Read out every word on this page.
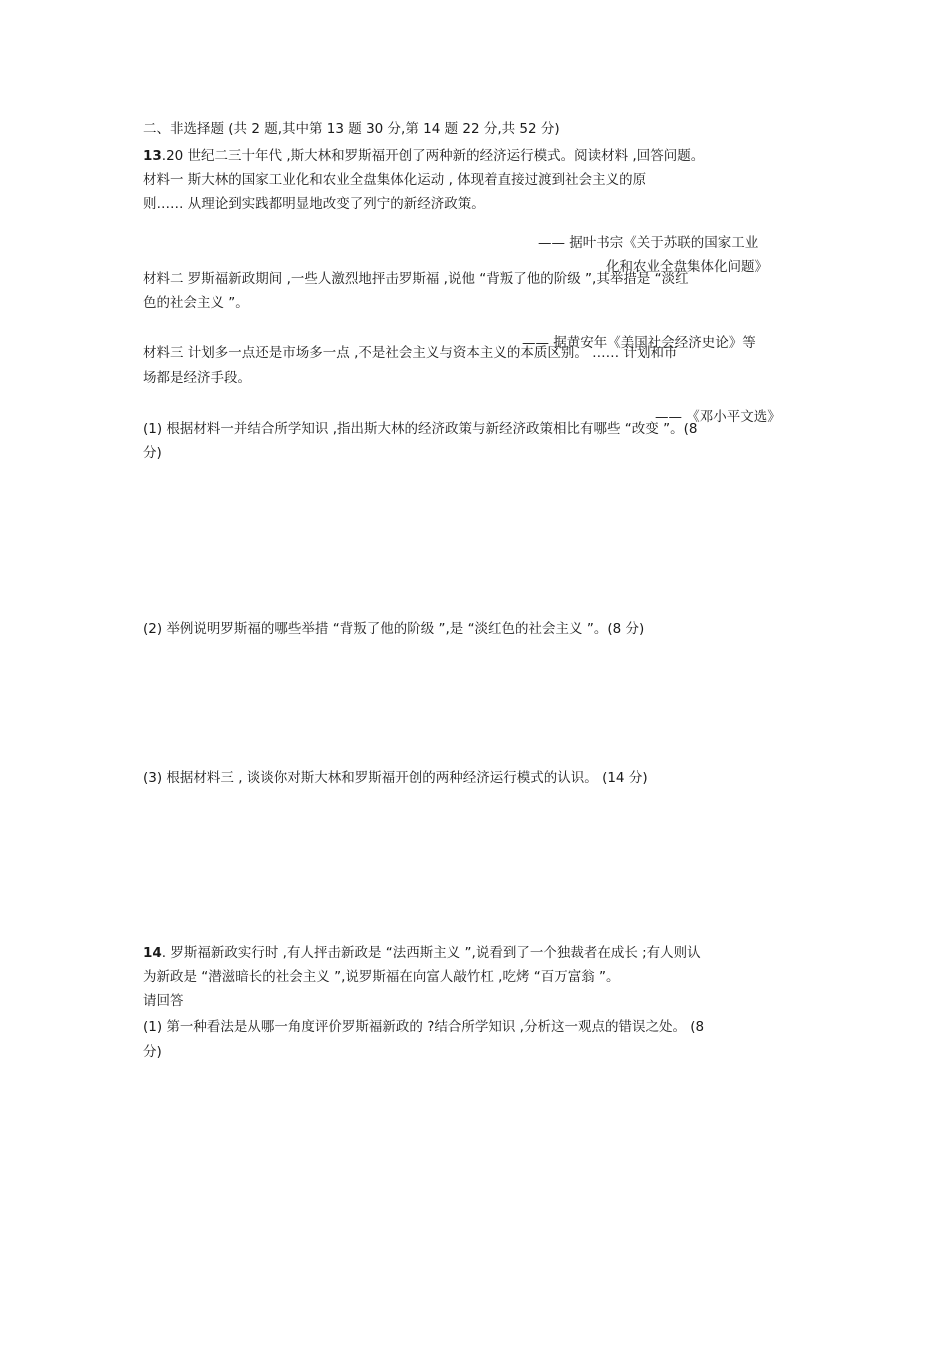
二、非选择题 (共 2 题,其中第 13 题 30 分,第 14 题 22 分,共 52 分)

13.20 世纪二三十年代 ,斯大林和罗斯福开创了两种新的经济运行模式。阅读材料 ,回答问题。

材料一 斯大林的国家工业化和农业全盘集体化运动 , 体现着直接过渡到社会主义的原

则…… 从理论到实践都明显地改变了列宁的新经济政策。

—— 据叶书宗《关于苏联的国家工业

化和农业全盘集体化问题》

材料二 罗斯福新政期间 ,一些人激烈地抨击罗斯福 ,说他 “背叛了他的阶级 ”,其举措是 “淡红

色的社会主义 ”。

—— 据黄安年《美国社会经济史论》等

材料三 计划多一点还是市场多一点 ,不是社会主义与资本主义的本质区别。 …… 计划和市

场都是经济手段。

—— 《邓小平文选》

(1) 根据材料一并结合所学知识 ,指出斯大林的经济政策与新经济政策相比有哪些 “改变 ”。(8

分)

(2) 举例说明罗斯福的哪些举措 “背叛了他的阶级 ”,是 “淡红色的社会主义 ”。(8 分)

(3) 根据材料三 , 谈谈你对斯大林和罗斯福开创的两种经济运行模式的认识。 (14 分)

14. 罗斯福新政实行时 ,有人抨击新政是 “法西斯主义 ”,说看到了一个独裁者在成长 ;有人则认

为新政是 “潜滋暗长的社会主义 ”,说罗斯福在向富人敲竹杠 ,吃烤 “百万富翁 ”。

请回答

(1) 第一种看法是从哪一角度评价罗斯福新政的 ?结合所学知识 ,分析这一观点的错误之处。 (8

分)
